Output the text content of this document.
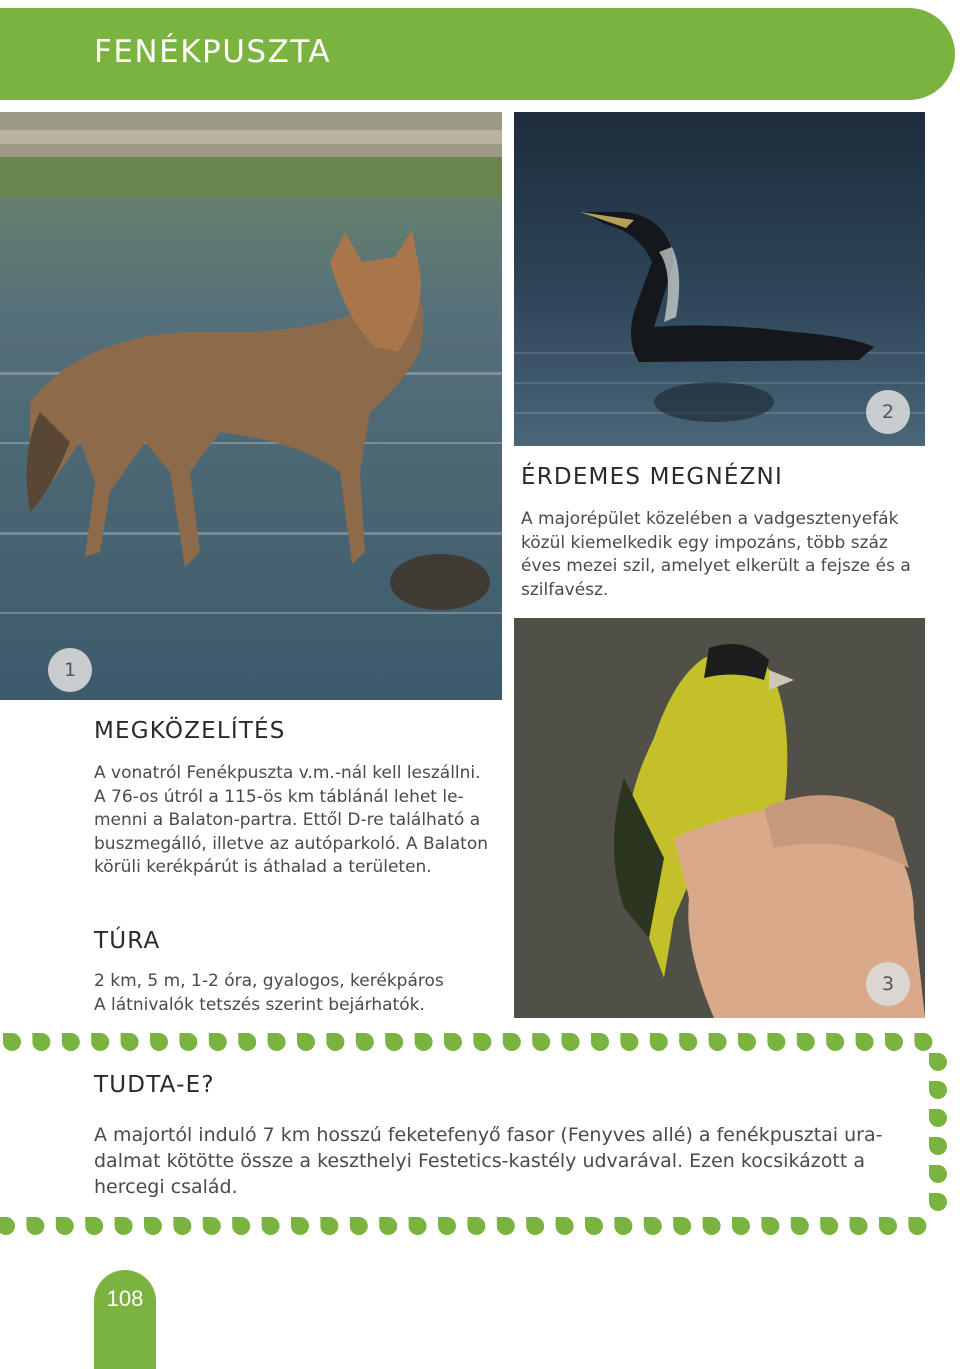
FENÉKPUSZTA
1
2
3
ÉRDEMES MEGNÉZNI
A majorépület közelében a vadgesztenyefák
közül kiemelkedik egy impozáns, több száz
éves mezei szil, amelyet elkerült a fejsze és a
szilfavész.
MEGKÖZELÍTÉS
A vonatról Fenékpuszta v.m.-nál kell leszállni.
A 76-os útról a 115-ös km táblánál lehet le-
menni a Balaton-partra. Ettől D-re található a
buszmegálló, illetve az autóparkoló. A Balaton
körüli kerékpárút is áthalad a területen.
TÚRA
2 km, 5 m, 1-2 óra, gyalogos, kerékpáros
A látnivalók tetszés szerint bejárhatók.
TUDTA-E?
A majortól induló 7 km hosszú feketefenyő fasor (Fenyves allé) a fenékpusztai ura-
dalmat kötötte össze a keszthelyi Festetics-kastély udvarával. Ezen kocsikázott a
hercegi család.
108
